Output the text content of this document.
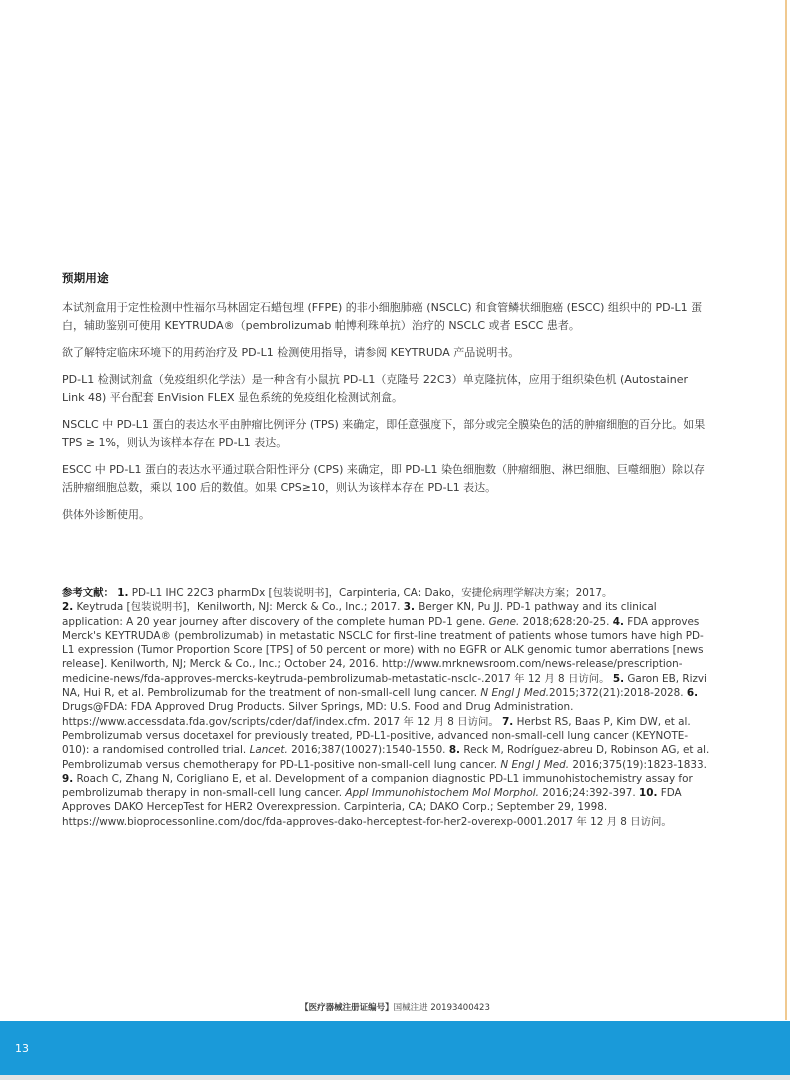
预期用途

本试剂盒用于定性检测中性福尔马林固定石蜡包埋 (FFPE) 的非小细胞肺癌 (NSCLC) 和食管鳞状细胞癌 (ESCC) 组织中的 PD-L1 蛋白，辅助鉴别可使用 KEYTRUDA®（pembrolizumab 帕博利珠单抗）治疗的 NSCLC 或者 ESCC 患者。

欲了解特定临床环境下的用药治疗及 PD-L1 检测使用指导，请参阅 KEYTRUDA 产品说明书。

PD-L1 检测试剂盒（免疫组织化学法）是一种含有小鼠抗 PD-L1（克隆号 22C3）单克隆抗体，应用于组织染色机 (Autostainer Link 48) 平台配套 EnVision FLEX 显色系统的免疫组化检测试剂盒。

NSCLC 中 PD-L1 蛋白的表达水平由肿瘤比例评分 (TPS) 来确定，即任意强度下，部分或完全膜染色的活的肿瘤细胞的百分比。如果 TPS ≥ 1%，则认为该样本存在 PD-L1 表达。

ESCC 中 PD-L1 蛋白的表达水平通过联合阳性评分 (CPS) 来确定，即 PD-L1 染色细胞数（肿瘤细胞、淋巴细胞、巨噬细胞）除以存活肿瘤细胞总数，乘以 100 后的数值。如果 CPS≥10，则认为该样本存在 PD-L1 表达。

供体外诊断使用。

参考文献： 1. PD-L1 IHC 22C3 pharmDx [包装说明书]，Carpinteria, CA: Dako，安捷伦病理学解决方案；2017。
2. Keytruda [包装说明书]，Kenilworth, NJ: Merck & Co., Inc.; 2017. 3. Berger KN, Pu JJ. PD-1 pathway and its clinical application: A 20 year journey after discovery of the complete human PD-1 gene. Gene. 2018;628:20-25. 4. FDA approves Merck's KEYTRUDA® (pembrolizumab) in metastatic NSCLC for first-line treatment of patients whose tumors have high PD-L1 expression (Tumor Proportion Score [TPS] of 50 percent or more) with no EGFR or ALK genomic tumor aberrations [news release]. Kenilworth, NJ; Merck & Co., Inc.; October 24, 2016. http://www.mrknewsroom.com/news-release/prescription-medicine-news/fda-approves-mercks-keytruda-pembrolizumab-metastatic-nsclc-.2017 年 12 月 8 日访问。 5. Garon EB, Rizvi NA, Hui R, et al. Pembrolizumab for the treatment of non-small-cell lung cancer. N Engl J Med.2015;372(21):2018-2028. 6. Drugs@FDA: FDA Approved Drug Products. Silver Springs, MD: U.S. Food and Drug Administration. https://www.accessdata.fda.gov/scripts/cder/daf/index.cfm. 2017 年 12 月 8 日访问。 7. Herbst RS, Baas P, Kim DW, et al. Pembrolizumab versus docetaxel for previously treated, PD-L1-positive, advanced non-small-cell lung cancer (KEYNOTE-010): a randomised controlled trial. Lancet. 2016;387(10027):1540-1550. 8. Reck M, Rodríguez-abreu D, Robinson AG, et al. Pembrolizumab versus chemotherapy for PD-L1-positive non-small-cell lung cancer. N Engl J Med. 2016;375(19):1823-1833. 9. Roach C, Zhang N, Corigliano E, et al. Development of a companion diagnostic PD-L1 immunohistochemistry assay for pembrolizumab therapy in non-small-cell lung cancer. Appl Immunohistochem Mol Morphol. 2016;24:392-397. 10. FDA Approves DAKO HercepTest for HER2 Overexpression. Carpinteria, CA; DAKO Corp.; September 29, 1998. https://www.bioprocessonline.com/doc/fda-approves-dako-herceptest-for-her2-overexp-0001.2017 年 12 月 8 日访问。
【医疗器械注册证编号】国械注进 20193400423
13
